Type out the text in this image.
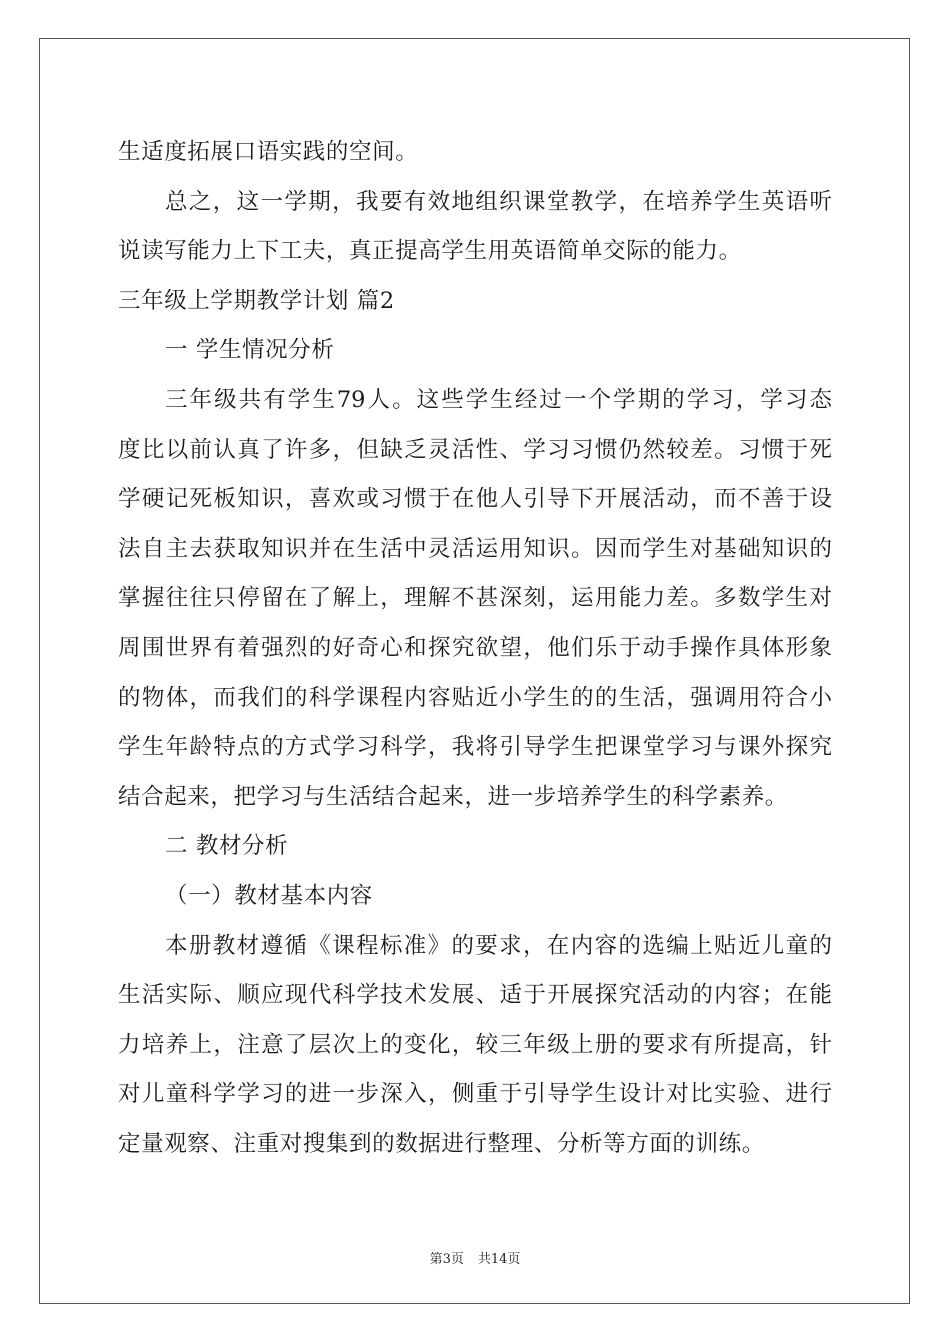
生适度拓展口语实践的空间。
总之，这一学期，我要有效地组织课堂教学，在培养学生英语听
说读写能力上下工夫，真正提高学生用英语简单交际的能力。
三年级上学期教学计划 篇2
一 学生情况分析
三年级共有学生79人。这些学生经过一个学期的学习，学习态
度比以前认真了许多，但缺乏灵活性、学习习惯仍然较差。习惯于死
学硬记死板知识，喜欢或习惯于在他人引导下开展活动，而不善于设
法自主去获取知识并在生活中灵活运用知识。因而学生对基础知识的
掌握往往只停留在了解上，理解不甚深刻，运用能力差。多数学生对
周围世界有着强烈的好奇心和探究欲望，他们乐于动手操作具体形象
的物体，而我们的科学课程内容贴近小学生的的生活，强调用符合小
学生年龄特点的方式学习科学，我将引导学生把课堂学习与课外探究
结合起来，把学习与生活结合起来，进一步培养学生的科学素养。
二 教材分析
（一）教材基本内容
本册教材遵循《课程标准》的要求，在内容的选编上贴近儿童的
生活实际、顺应现代科学技术发展、适于开展探究活动的内容；在能
力培养上，注意了层次上的变化，较三年级上册的要求有所提高，针
对儿童科学学习的进一步深入，侧重于引导学生设计对比实验、进行
定量观察、注重对搜集到的数据进行整理、分析等方面的训练。
第3页 共14页
